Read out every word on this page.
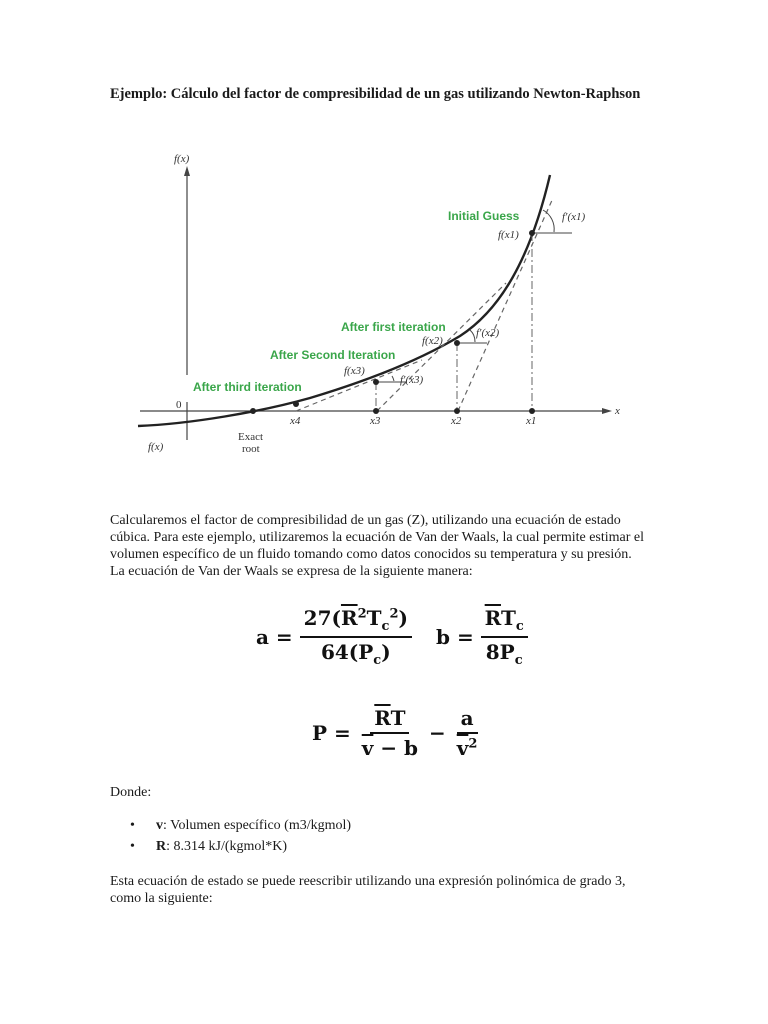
Ejemplo: Cálculo del factor de compresibilidad de un gas utilizando Newton-Raphson
f(x)
x
0
f(x)
x4	x3	x2	x1
Exact
root
f(x1)
f(x2)
f(x3)
f′(x1)
f′(x2)
f′(x3)
Initial Guess
After first iteration
After Second Iteration
After third iteration
Calcularemos el factor de compresibilidad de un gas (Z), utilizando una ecuación de estado cúbica. Para este ejemplo, utilizaremos la ecuación de Van der Waals, la cual permite estimar el volumen específico de un fluido tomando como datos conocidos su temperatura y su presión. La ecuación de Van der Waals se expresa de la siguiente manera:
$a = \frac{27(\overline{R}^2T_c^2)}{64(P_c)}$ $b = \frac{\overline{R}T_c}{8P_c}$
$P = \frac{\overline{R}T}{\overline{v} - b} - \frac{a}{\overline{v}^2}$
Donde:
• v: Volumen específico (m3/kgmol)
• R: 8.314 kJ/(kgmol*K)
Esta ecuación de estado se puede reescribir utilizando una expresión polinómica de grado 3, como la siguiente:
